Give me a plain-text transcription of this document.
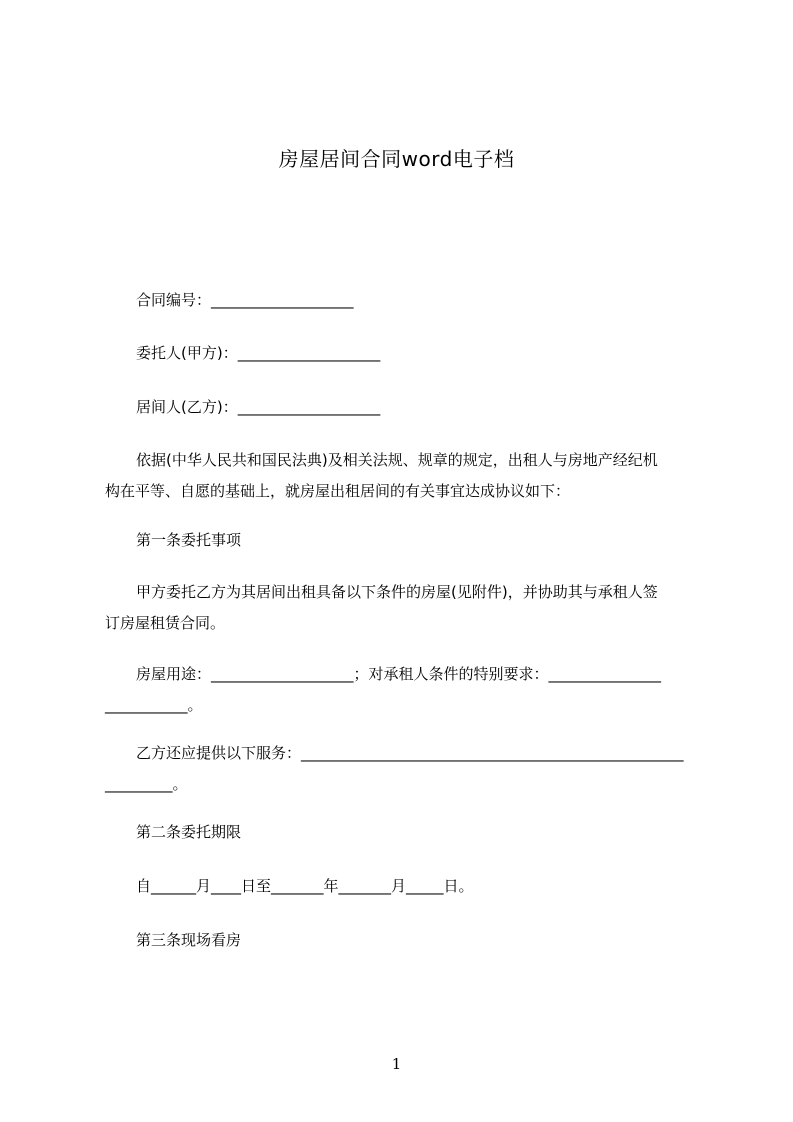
房屋居间合同word电子档
合同编号：___________________
委托人(甲方)：___________________
居间人(乙方)：___________________
依据(中华人民共和国民法典)及相关法规、规章的规定，出租人与房地产经纪机
构在平等、自愿的基础上，就房屋出租居间的有关事宜达成协议如下：
第一条委托事项
甲方委托乙方为其居间出租具备以下条件的房屋(见附件)，并协助其与承租人签
订房屋租赁合同。
房屋用途：___________________；对承租人条件的特别要求：_______________
___________。
乙方还应提供以下服务：___________________________________________________
_________。
第二条委托期限
自______月____日至_______年_______月_____日。
第三条现场看房
1
